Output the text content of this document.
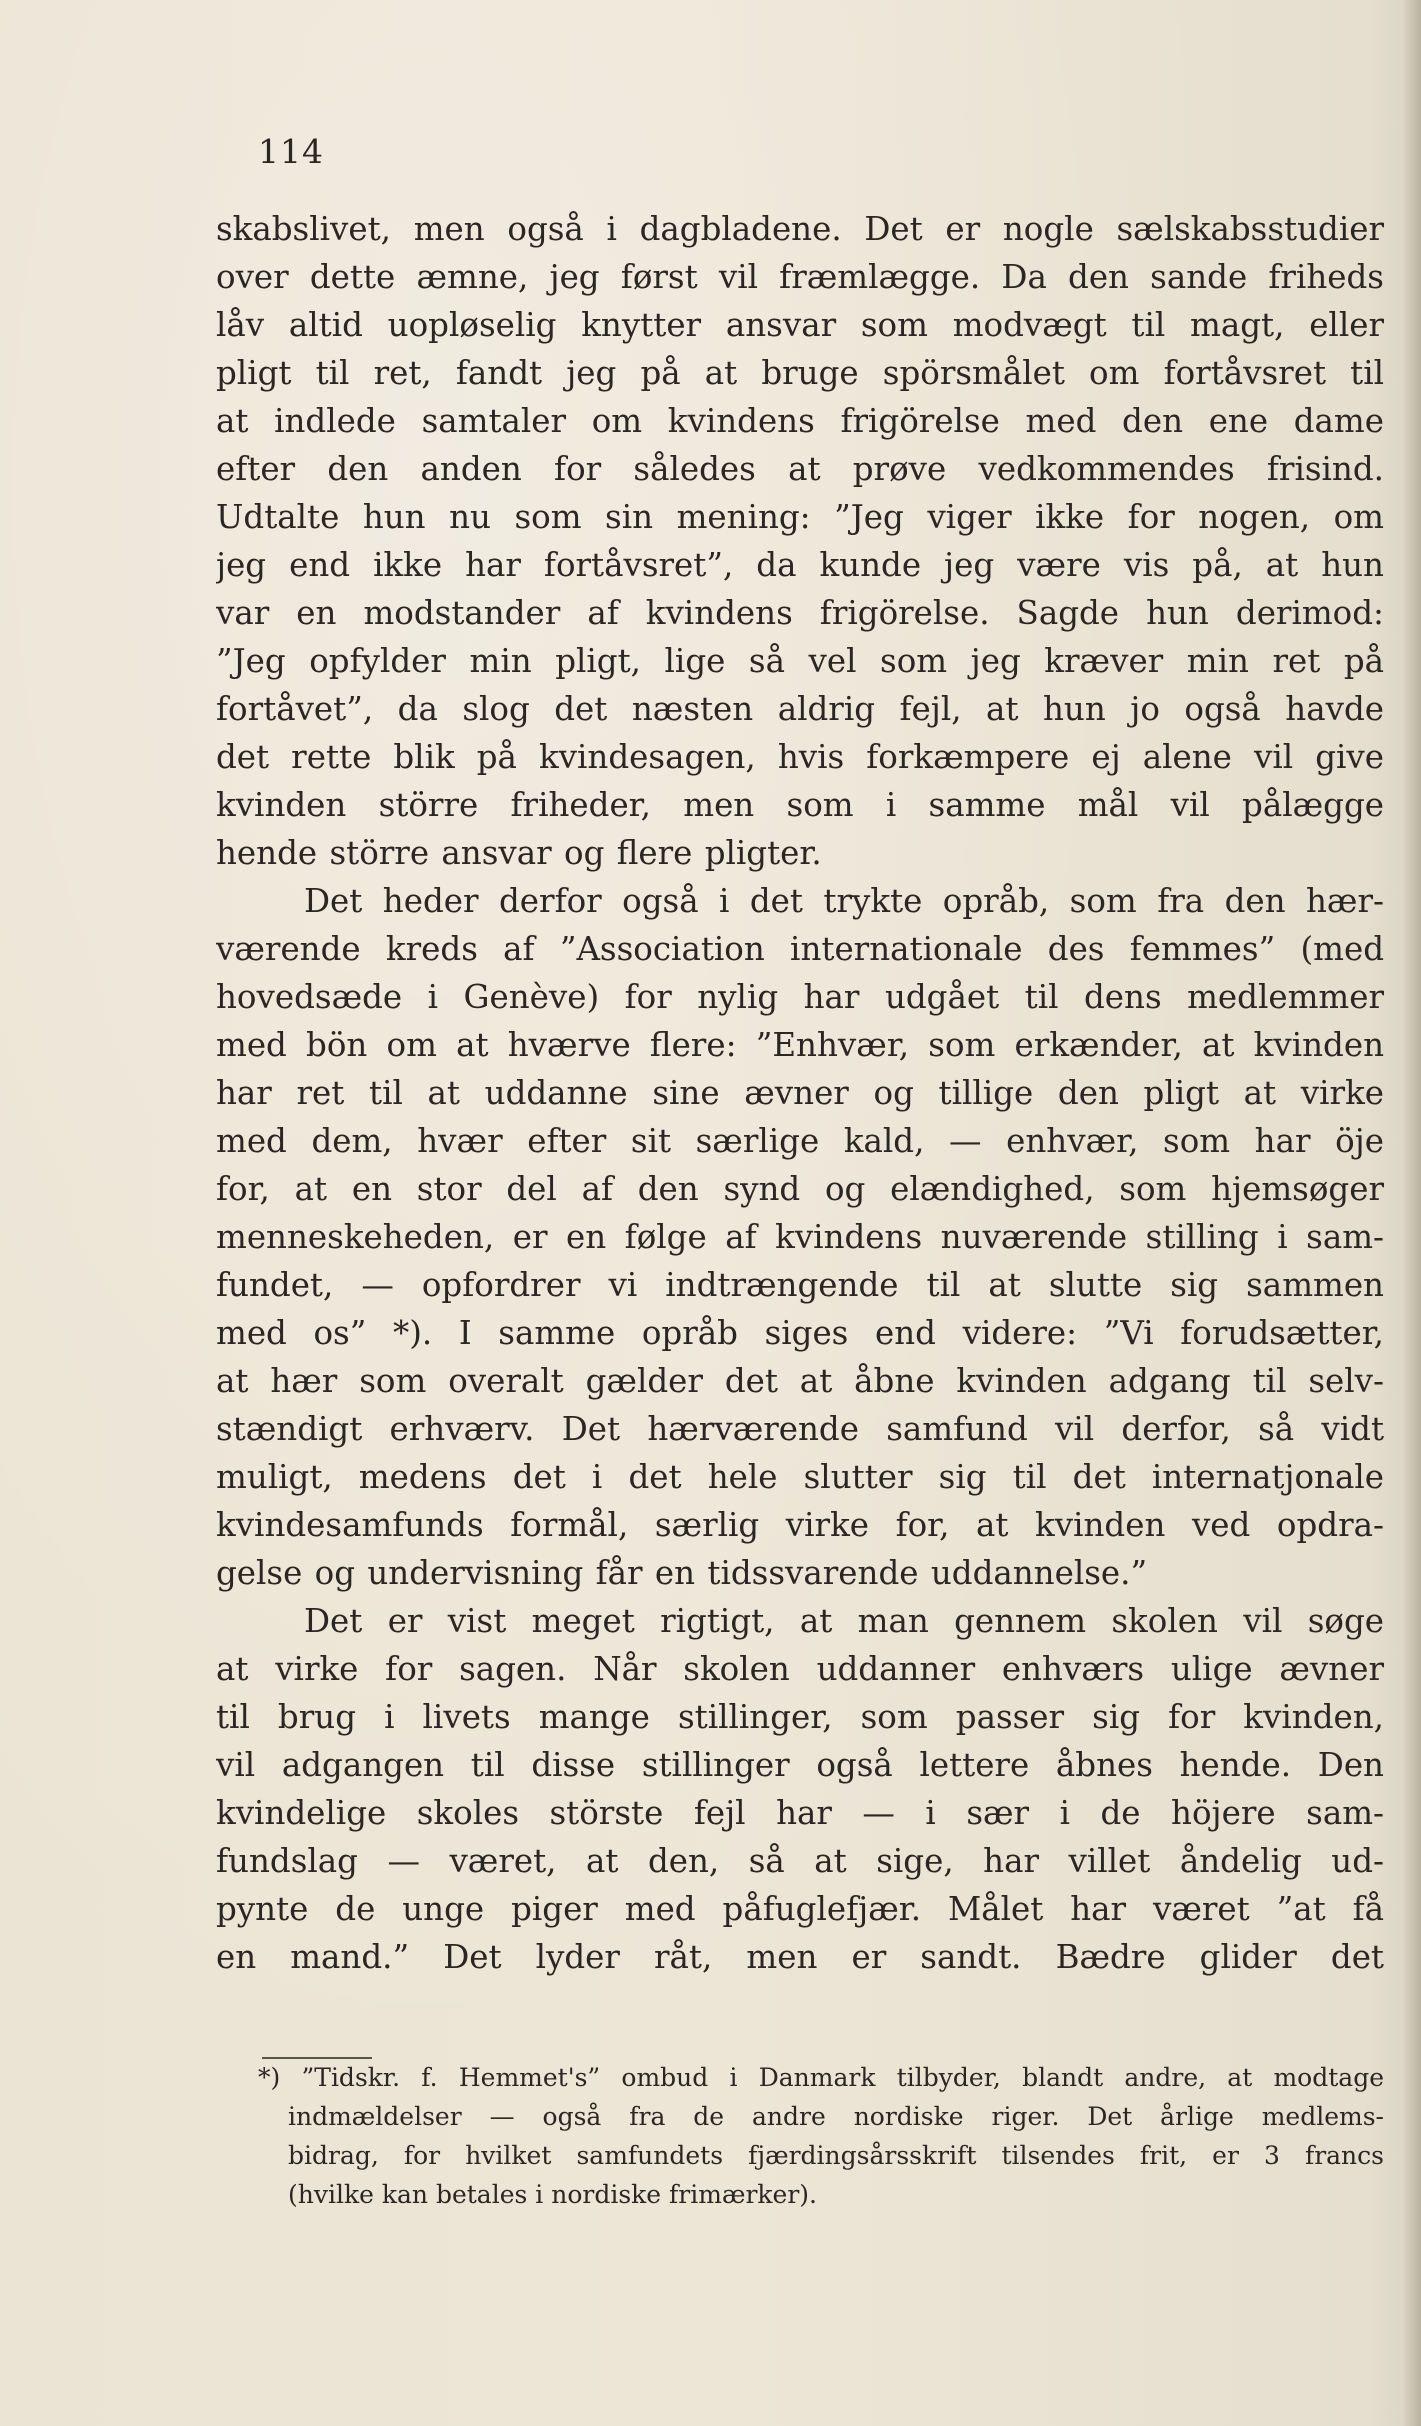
114
skabslivet, men også i dagbladene. Det er nogle sælskabsstudier
over dette æmne, jeg først vil fræmlægge. Da den sande friheds
låv altid uopløselig knytter ansvar som modvægt til magt, eller
pligt til ret, fandt jeg på at bruge spörsmålet om fortåvsret til
at indlede samtaler om kvindens frigörelse med den ene dame
efter den anden for således at prøve vedkommendes frisind.
Udtalte hun nu som sin mening: ”Jeg viger ikke for nogen, om
jeg end ikke har fortåvsret”, da kunde jeg være vis på, at hun
var en modstander af kvindens frigörelse. Sagde hun derimod:
”Jeg opfylder min pligt, lige så vel som jeg kræver min ret på
fortåvet”, da slog det næsten aldrig fejl, at hun jo også havde
det rette blik på kvindesagen, hvis forkæmpere ej alene vil give
kvinden större friheder, men som i samme mål vil pålægge
hende större ansvar og flere pligter.
Det heder derfor også i det trykte opråb, som fra den hær-
værende kreds af ”Association internationale des femmes” (med
hovedsæde i Genève) for nylig har udgået til dens medlemmer
med bön om at hværve flere: ”Enhvær, som erkænder, at kvinden
har ret til at uddanne sine ævner og tillige den pligt at virke
med dem, hvær efter sit særlige kald, — enhvær, som har öje
for, at en stor del af den synd og elændighed, som hjemsøger
menneskeheden, er en følge af kvindens nuværende stilling i sam-
fundet, — opfordrer vi indtrængende til at slutte sig sammen
med os” *). I samme opråb siges end videre: ”Vi forudsætter,
at hær som overalt gælder det at åbne kvinden adgang til selv-
stændigt erhværv. Det hærværende samfund vil derfor, så vidt
muligt, medens det i det hele slutter sig til det internatjonale
kvindesamfunds formål, særlig virke for, at kvinden ved opdra-
gelse og undervisning får en tidssvarende uddannelse.”
Det er vist meget rigtigt, at man gennem skolen vil søge
at virke for sagen. Når skolen uddanner enhværs ulige ævner
til brug i livets mange stillinger, som passer sig for kvinden,
vil adgangen til disse stillinger også lettere åbnes hende. Den
kvindelige skoles störste fejl har — i sær i de höjere sam-
fundslag — været, at den, så at sige, har villet åndelig ud-
pynte de unge piger med påfuglefjær. Målet har været ”at få
en mand.” Det lyder råt, men er sandt. Bædre glider det
*) ”Tidskr. f. Hemmet's” ombud i Danmark tilbyder, blandt andre, at modtage
indmældelser — også fra de andre nordiske riger. Det årlige medlems-
bidrag, for hvilket samfundets fjærdingsårsskrift tilsendes frit, er 3 francs
(hvilke kan betales i nordiske frimærker).
